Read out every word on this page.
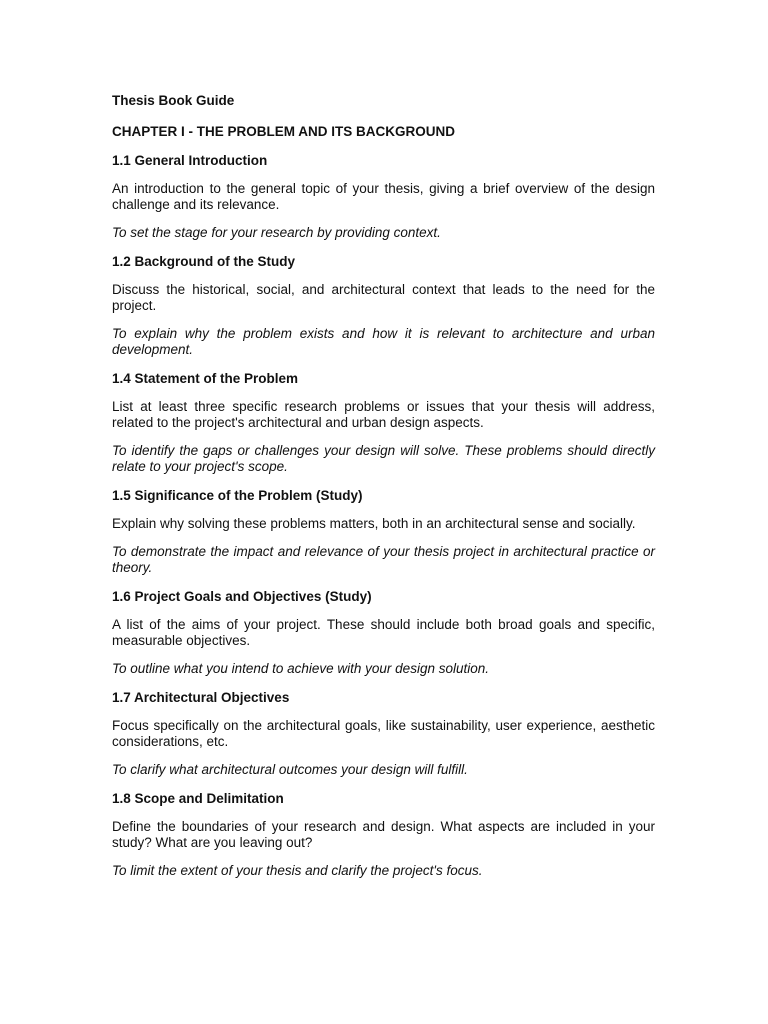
Thesis Book Guide

CHAPTER I - THE PROBLEM AND ITS BACKGROUND

1.1 General Introduction

An introduction to the general topic of your thesis, giving a brief overview of the design challenge and its relevance.

To set the stage for your research by providing context.

1.2 Background of the Study

Discuss the historical, social, and architectural context that leads to the need for the project.

To explain why the problem exists and how it is relevant to architecture and urban development.

1.4 Statement of the Problem

List at least three specific research problems or issues that your thesis will address, related to the project's architectural and urban design aspects.

To identify the gaps or challenges your design will solve. These problems should directly relate to your project's scope.

1.5 Significance of the Problem (Study)

Explain why solving these problems matters, both in an architectural sense and socially.

To demonstrate the impact and relevance of your thesis project in architectural practice or theory.

1.6 Project Goals and Objectives (Study)

A list of the aims of your project. These should include both broad goals and specific, measurable objectives.

To outline what you intend to achieve with your design solution.

1.7 Architectural Objectives

Focus specifically on the architectural goals, like sustainability, user experience, aesthetic considerations, etc.

To clarify what architectural outcomes your design will fulfill.

1.8 Scope and Delimitation

Define the boundaries of your research and design. What aspects are included in your study? What are you leaving out?

To limit the extent of your thesis and clarify the project's focus.
